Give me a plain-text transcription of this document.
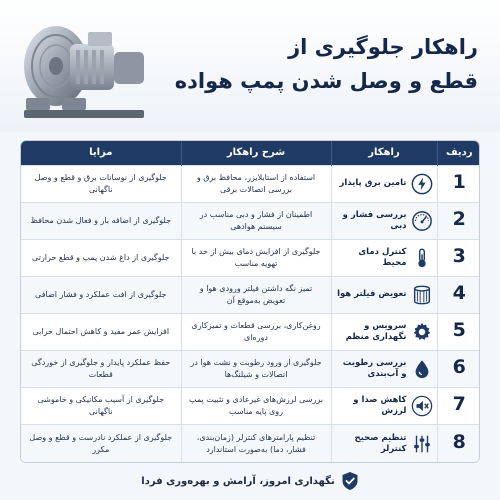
راهکار جلوگیری از
قطع و وصل شدن پمپ هواده
ردیف	راهکار	شرح راهکار	مزایا
1	تامین برق پایدار	استفاده از استابلایزر، محافظ برق و بررسی اتصالات برقی	جلوگیری از نوسانات برق و قطع و وصل ناگهانی
2	بررسی فشار و دبی	اطمینان از فشار و دبی مناسب در سیستم هوادهی	جلوگیری از اضافه بار و فعال شدن محافظ
3	کنترل دمای محیط	جلوگیری از افزایش دمای بیش از حد با تهویه مناسب	جلوگیری از داغ شدن پمپ و قطع حرارتی
4	تعویض فیلتر هوا	تمیز نگه داشتن فیلتر ورودی هوا و تعویض به‌موقع آن	جلوگیری از افت عملکرد و فشار اضافی
5	سرویس و نگهداری منظم	روغن‌کاری، بررسی قطعات و تمیزکاری دوره‌ای	افزایش عمر مفید و کاهش احتمال خرابی
6	بررسی رطوبت و آب‌بندی	جلوگیری از ورود رطوبت و نشت هوا در اتصالات و شیلنگ‌ها	حفظ عملکرد پایدار و جلوگیری از خوردگی قطعات
7	کاهش صدا و لرزش	بررسی لرزش‌های غیرعادی و تثبیت پمپ روی پایه مناسب	جلوگیری از آسیب مکانیکی و خاموشی ناگهانی
8	تنظیم صحیح کنترلر	تنظیم پارامترهای کنترلر (زمان‌بندی، فشار، دما) به‌صورت استاندارد	جلوگیری از عملکرد نادرست و قطع و وصل مکرر
نگهداری امروز، آرامش و بهره‌وری فردا
